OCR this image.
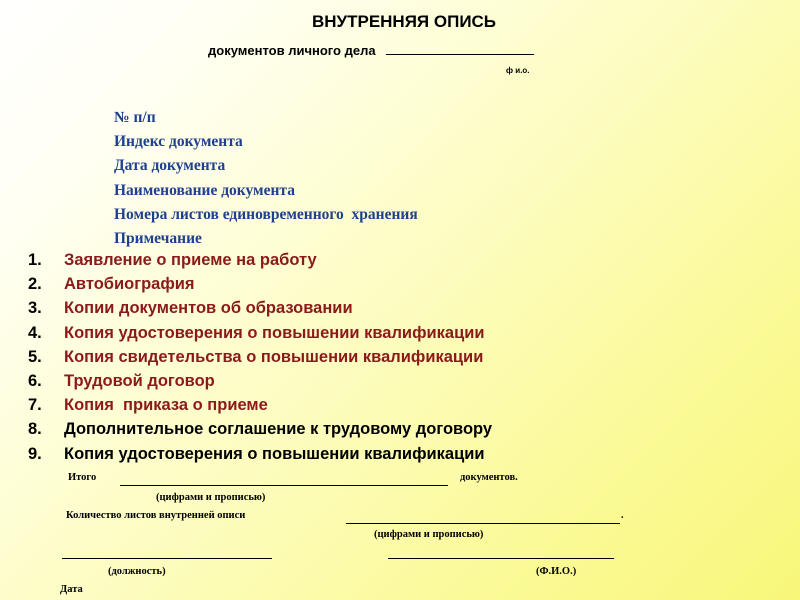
ВНУТРЕННЯЯ ОПИСЬ
документов личного дела
ф и.о.
№ п/п
Индекс документа
Дата документа
Наименование документа
Номера листов единовременного  хранения
Примечание
1. Заявление о приеме на работу
2. Автобиография
3. Копии документов об образовании
4. Копия удостоверения о повышении квалификации
5. Копия свидетельства о повышении квалификации
6. Трудовой договор
7. Копия  приказа о приеме
8. Дополнительное соглашение к трудовому договору
9. Копия удостоверения о повышении квалификации
Итого	документов.
(цифрами и прописью)
Количество листов внутренней описи	.
(цифрами и прописью)
(должность)	(Ф.И.О.)
Дата
